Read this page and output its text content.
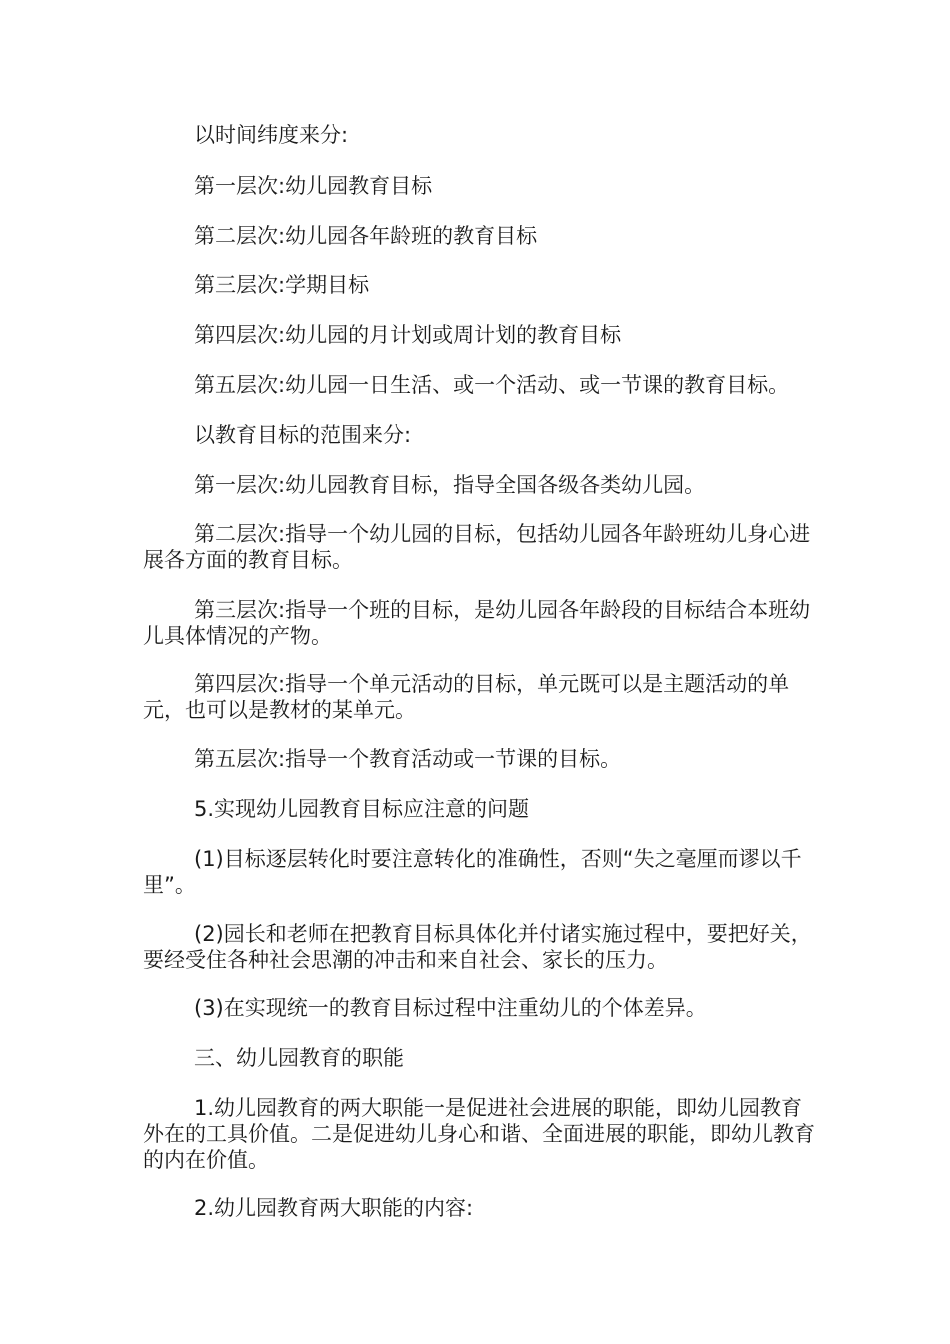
以时间纬度来分:

第一层次:幼儿园教育目标

第二层次:幼儿园各年龄班的教育目标

第三层次:学期目标

第四层次:幼儿园的月计划或周计划的教育目标

第五层次:幼儿园一日生活、或一个活动、或一节课的教育目标。

以教育目标的范围来分:

第一层次:幼儿园教育目标，指导全国各级各类幼儿园。

第二层次:指导一个幼儿园的目标，包括幼儿园各年龄班幼儿身心进展各方面的教育目标。

第三层次:指导一个班的目标，是幼儿园各年龄段的目标结合本班幼儿具体情况的产物。

第四层次:指导一个单元活动的目标，单元既可以是主题活动的单元，也可以是教材的某单元。

第五层次:指导一个教育活动或一节课的目标。

5.实现幼儿园教育目标应注意的问题

(1)目标逐层转化时要注意转化的准确性，否则“失之毫厘而谬以千里”。

(2)园长和老师在把教育目标具体化并付诸实施过程中，要把好关，要经受住各种社会思潮的冲击和来自社会、家长的压力。

(3)在实现统一的教育目标过程中注重幼儿的个体差异。

三、幼儿园教育的职能

1.幼儿园教育的两大职能一是促进社会进展的职能，即幼儿园教育外在的工具价值。二是促进幼儿身心和谐、全面进展的职能，即幼儿教育的内在价值。

2.幼儿园教育两大职能的内容:
